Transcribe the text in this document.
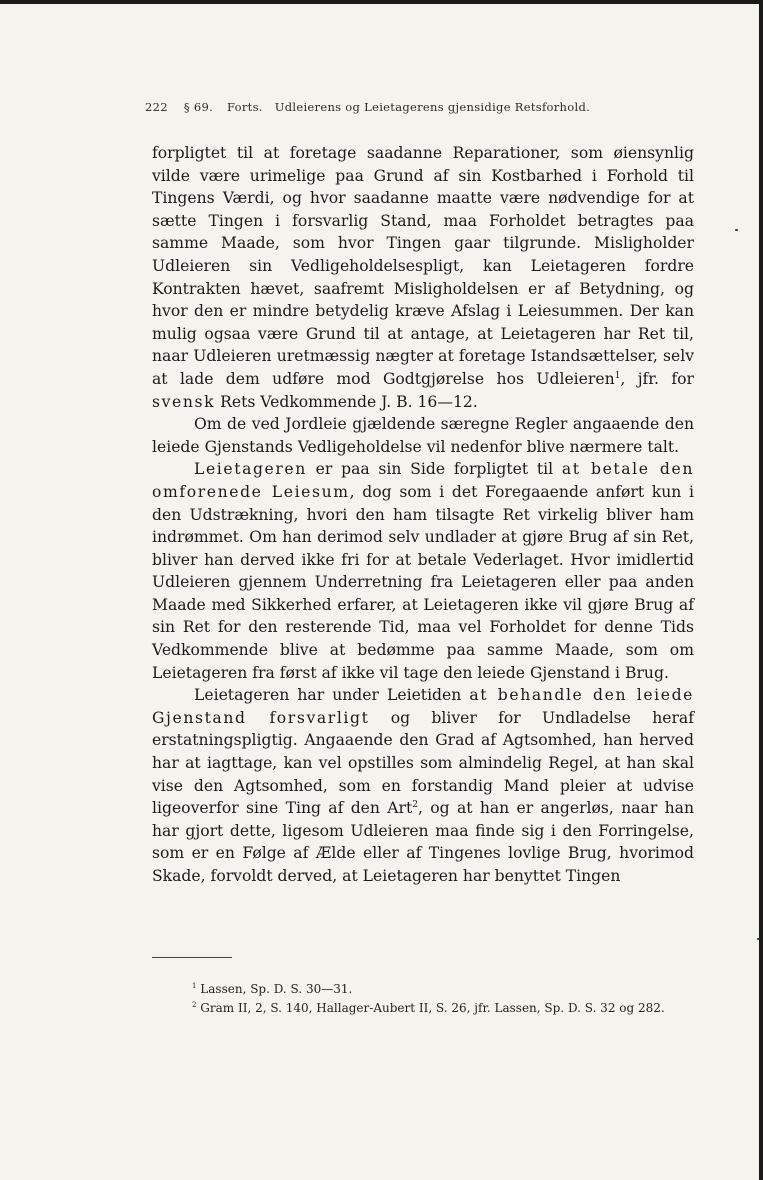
222 § 69. Forts. Udleierens og Leietagerens gjensidige Retsforhold.

forpligtet til at foretage saadanne Reparationer, som øiensynlig vilde være urimelige paa Grund af sin Kostbarhed i Forhold til Tingens Værdi, og hvor saadanne maatte være nødvendige for at sætte Tingen i forsvarlig Stand, maa Forholdet betragtes paa samme Maade, som hvor Tingen gaar tilgrunde. Misligholder Udleieren sin Vedligeholdelsespligt, kan Leietageren fordre Kontrakten hævet, saafremt Misligholdelsen er af Betydning, og hvor den er mindre betydelig kræve Afslag i Leiesummen. Der kan mulig ogsaa være Grund til at antage, at Leietageren har Ret til, naar Udleieren uretmæssig nægter at foretage Istandsættelser, selv at lade dem udføre mod Godtgjørelse hos Udleieren$^1$, jfr. for svensk Rets Vedkommende J. B. 16—12.

Om de ved Jordleie gjældende særegne Regler angaaende den leiede Gjenstands Vedligeholdelse vil nedenfor blive nærmere talt.

Leietageren er paa sin Side forpligtet til at betale den omforenede Leiesum, dog som i det Foregaaende anført kun i den Udstrækning, hvori den ham tilsagte Ret virkelig bliver ham indrømmet. Om han derimod selv undlader at gjøre Brug af sin Ret, bliver han derved ikke fri for at betale Vederlaget. Hvor imidlertid Udleieren gjennem Underretning fra Leietageren eller paa anden Maade med Sikkerhed erfarer, at Leietageren ikke vil gjøre Brug af sin Ret for den resterende Tid, maa vel Forholdet for denne Tids Vedkommende blive at bedømme paa samme Maade, som om Leietageren fra først af ikke vil tage den leiede Gjenstand i Brug.

Leietageren har under Leietiden at behandle den leiede Gjenstand forsvarligt og bliver for Undladelse heraf erstatningspligtig. Angaaende den Grad af Agtsomhed, han herved har at iagttage, kan vel opstilles som almindelig Regel, at han skal vise den Agtsomhed, som en forstandig Mand pleier at udvise ligeoverfor sine Ting af den Art$^2$, og at han er angerløs, naar han har gjort dette, ligesom Udleieren maa finde sig i den Forringelse, som er en Følge af Ælde eller af Tingenes lovlige Brug, hvorimod Skade, forvoldt derved, at Leietageren har benyttet Tingen

$^1$ Lassen, Sp. D. S. 30—31.

$^2$ Gram II, 2, S. 140, Hallager-Aubert II, S. 26, jfr. Lassen, Sp. D. S. 32 og 282.
